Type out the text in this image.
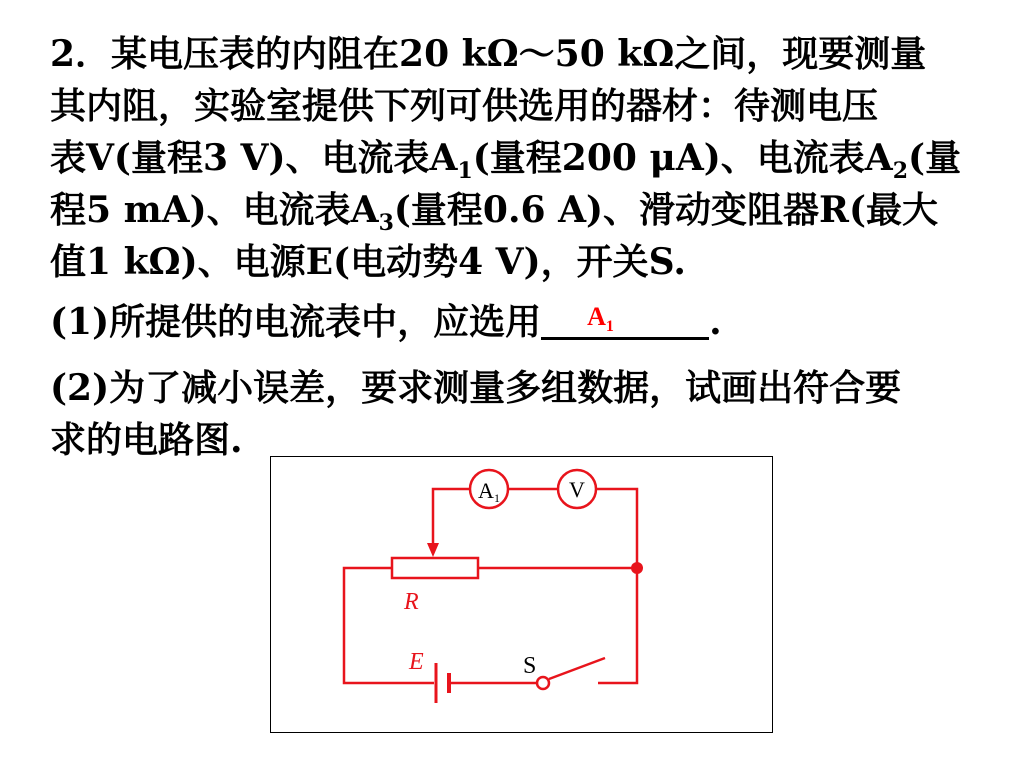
2．某电压表的内阻在20 kΩ～50 kΩ之间，现要测量
其内阻，实验室提供下列可供选用的器材：待测电压
表V(量程3 V)、电流表$A_1$(量程200 μA)、电流表$A_2$(量
程5 mA)、电流表$A_3$(量程0.6 A)、滑动变阻器R(最大
值1 kΩ)、电源E(电动势4 V)，开关S.
(1)所提供的电流表中，应选用 $A_1$	.
(2)为了减小误差，要求测量多组数据，试画出符合要
求的电路图.
A 1	V
R
E	S
